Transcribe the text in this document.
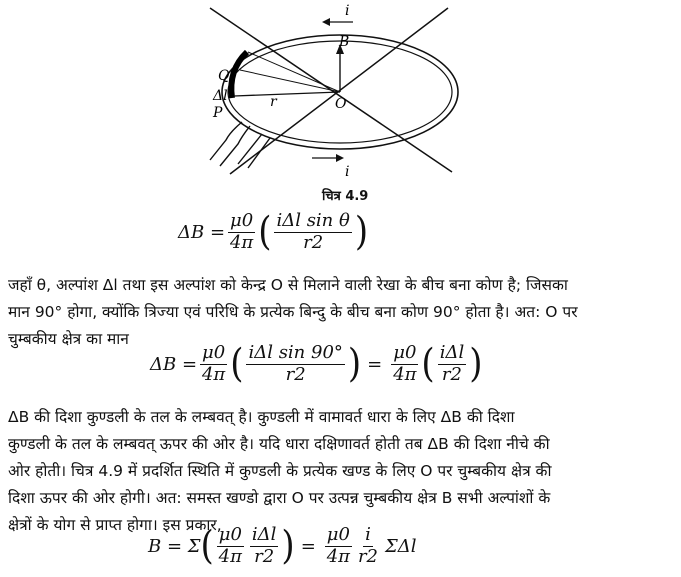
i
i
B
O
r
Q
Δl
P
चित्र 4.9
$\Delta B = \frac{\mu 0}{4\pi}$ ( $\frac{\text{iΔl sin θ}}{r2}$ )
जहाँ θ, अल्पांश Δl तथा इस अल्पांश को केन्द्र O से मिलाने वाली रेखा के बीच बना कोण है; जिसका
मान 90° होगा, क्योंकि त्रिज्या एवं परिधि के प्रत्येक बिन्दु के बीच बना कोण 90° होता है। अत: O पर
चुम्बकीय क्षेत्र का मान
$\Delta B = \frac{\mu 0}{4\pi}$ ( $\frac{\text{iΔl sin 90°}}{r2}$ ) = $\frac{\mu 0}{4\pi}$ ( $\frac{\text{iΔl}}{r2}$ )
ΔB की दिशा कुण्डली के तल के लम्बवत् है। कुण्डली में वामावर्त धारा के लिए ΔB की दिशा
कुण्डली के तल के लम्बवत् ऊपर की ओर है। यदि धारा दक्षिणावर्त होती तब ΔB की दिशा नीचे की
ओर होती। चित्र 4.9 में प्रदर्शित स्थिति में कुण्डली के प्रत्येक खण्ड के लिए O पर चुम्बकीय क्षेत्र की
दिशा ऊपर की ओर होगी। अत: समस्त खण्डो द्वारा O पर उत्पन्न चुम्बकीय क्षेत्र B सभी अल्पांशों के
क्षेत्रों के योग से प्राप्त होगा। इस प्रकार,
B = Σ ( $\frac{\mu 0}{4\pi} \frac{\text{iΔl}}{r2}$ ) = $\frac{\mu 0}{4\pi} \frac{i}{r2}$ ΣΔl
